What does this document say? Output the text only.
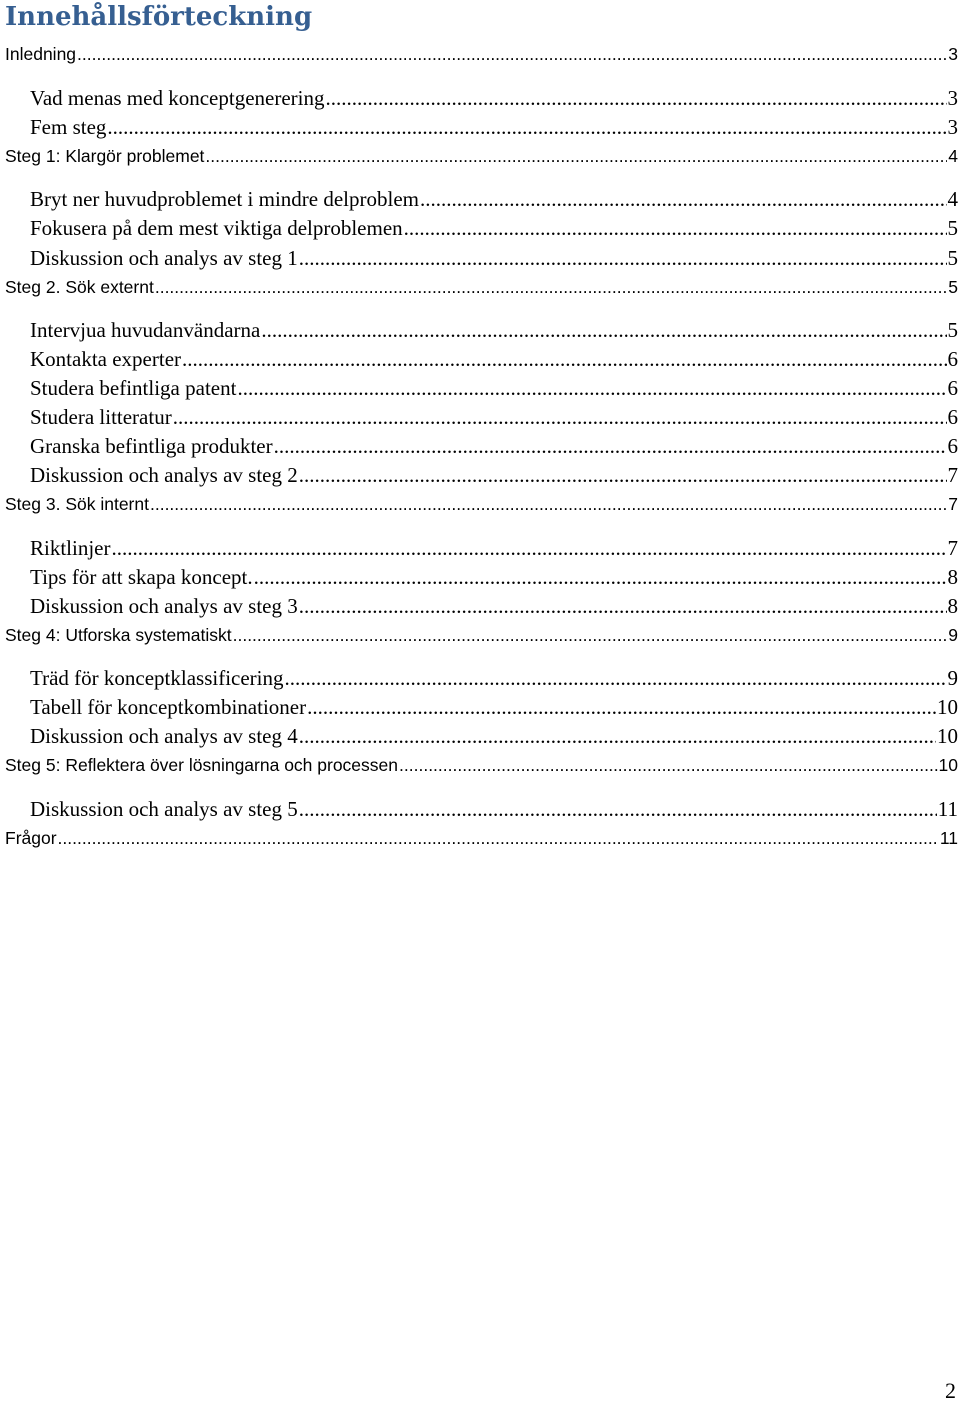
Innehållsförteckning
Inledning .....	3
Vad menas med konceptgenerering .....	3
Fem steg .....	3
Steg 1: Klargör problemet .....	4
Bryt ner huvudproblemet i mindre delproblem .....	4
Fokusera på dem mest viktiga delproblemen .....	5
Diskussion och analys av steg 1 .....	5
Steg 2. Sök externt .....	5
Intervjua huvudanvändarna .....	5
Kontakta experter .....	6
Studera befintliga patent .....	6
Studera litteratur .....	6
Granska befintliga produkter .....	6
Diskussion och analys av steg 2 .....	7
Steg 3. Sök internt .....	7
Riktlinjer .....	7
Tips för att skapa koncept. .....	8
Diskussion och analys av steg 3 .....	8
Steg 4: Utforska systematiskt .....	9
Träd för konceptklassificering .....	9
Tabell för konceptkombinationer .....	10
Diskussion och analys av steg 4 .....	10
Steg 5: Reflektera över lösningarna och processen .....	10
Diskussion och analys av steg 5 .....	11
Frågor .....	11
2
